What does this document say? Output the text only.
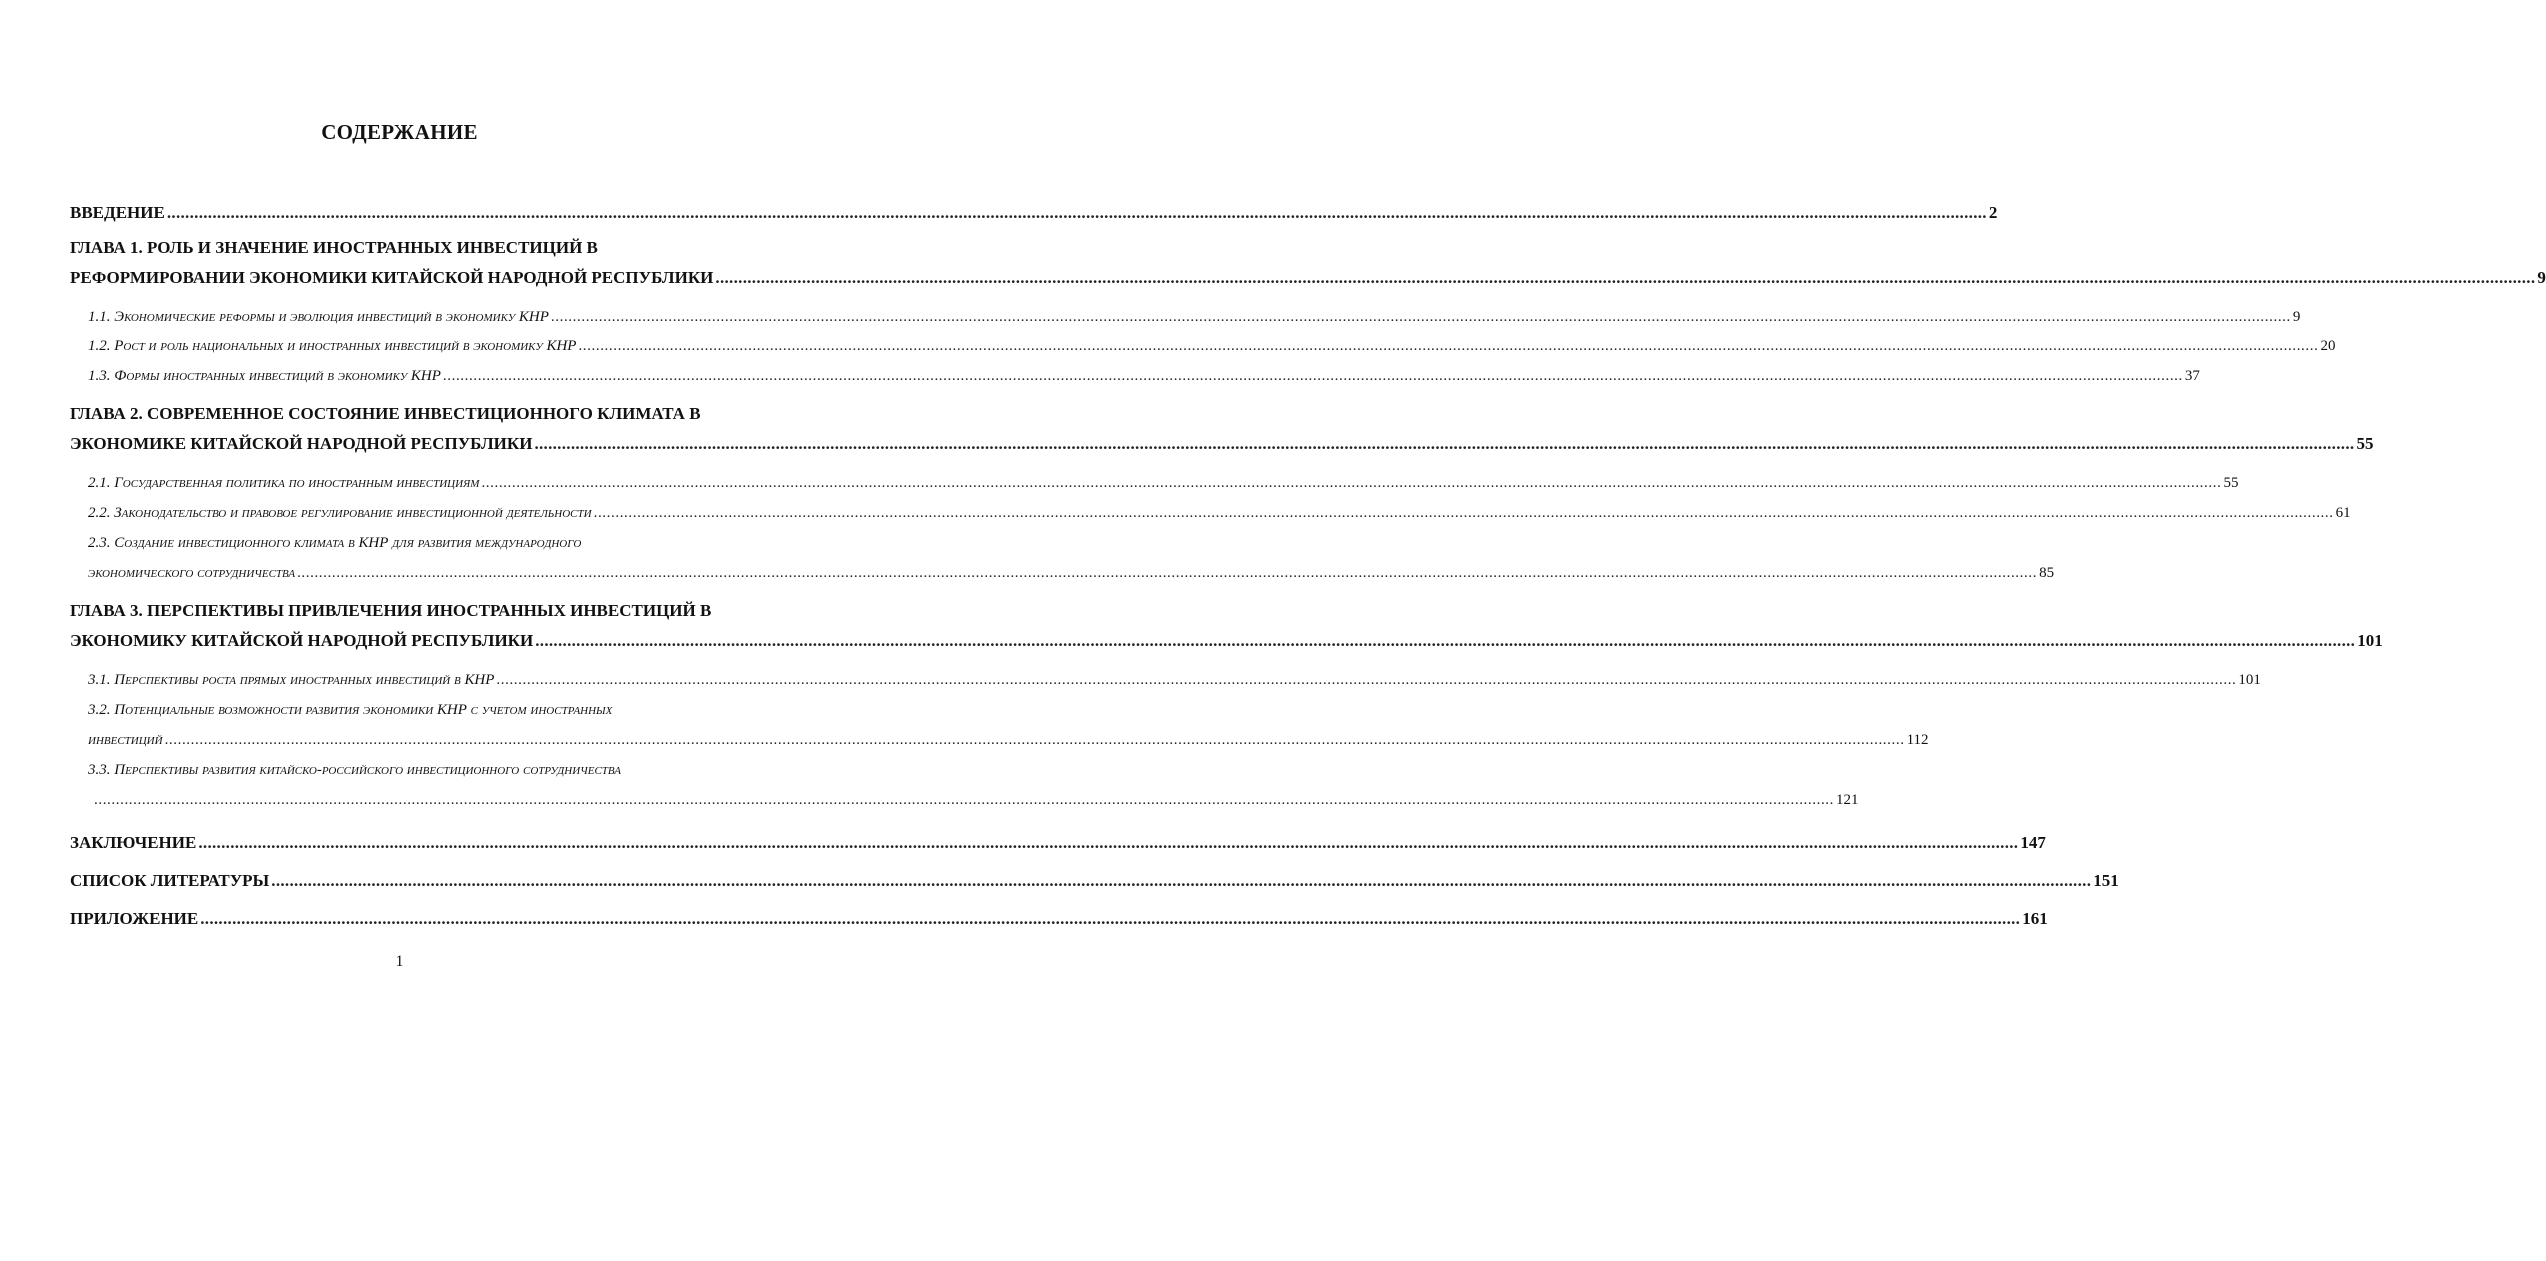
СОДЕРЖАНИЕ
ВВЕДЕНИЕ ................................................................................................................................................................................................................................................................................................................................................................................................................ 2
ГЛАВА 1. РОЛЬ И ЗНАЧЕНИЕ ИНОСТРАННЫХ ИНВЕСТИЦИЙ В
РЕФОРМИРОВАНИИ ЭКОНОМИКИ КИТАЙСКОЙ НАРОДНОЙ РЕСПУБЛИКИ ................................................................................................................................................................................................................................................................................................................................................................................................................ 9
1.1. Экономические реформы и эволюция инвестиций в экономику КНР ................................................................................................................................................................................................................................................................................................................................................................................................................ 9
1.2. Рост и роль национальных и иностранных инвестиций в экономику КНР ................................................................................................................................................................................................................................................................................................................................................................................................................ 20
1.3. Формы иностранных инвестиций в экономику КНР ................................................................................................................................................................................................................................................................................................................................................................................................................ 37
ГЛАВА 2. СОВРЕМЕННОЕ СОСТОЯНИЕ ИНВЕСТИЦИОННОГО КЛИМАТА В
ЭКОНОМИКЕ КИТАЙСКОЙ НАРОДНОЙ РЕСПУБЛИКИ ................................................................................................................................................................................................................................................................................................................................................................................................................ 55
2.1. Государственная политика по иностранным инвестициям ................................................................................................................................................................................................................................................................................................................................................................................................................ 55
2.2. Законодательство и правовое регулирование инвестиционной деятельности ................................................................................................................................................................................................................................................................................................................................................................................................................ 61
2.3. Создание инвестиционного климата в КНР для развития международного
экономического сотрудничества ................................................................................................................................................................................................................................................................................................................................................................................................................ 85
ГЛАВА 3. ПЕРСПЕКТИВЫ ПРИВЛЕЧЕНИЯ ИНОСТРАННЫХ ИНВЕСТИЦИЙ В
ЭКОНОМИКУ КИТАЙСКОЙ НАРОДНОЙ РЕСПУБЛИКИ ................................................................................................................................................................................................................................................................................................................................................................................................................ 101
3.1. Перспективы роста прямых иностранных инвестиций в КНР ................................................................................................................................................................................................................................................................................................................................................................................................................ 101
3.2. Потенциальные возможности развития экономики КНР с учетом иностранных
инвестиций ................................................................................................................................................................................................................................................................................................................................................................................................................ 112
3.3. Перспективы развития китайско-российского инвестиционного сотрудничества
................................................................................................................................................................................................................................................................................................................................................................................................................ 121
ЗАКЛЮЧЕНИЕ ................................................................................................................................................................................................................................................................................................................................................................................................................ 147
СПИСОК ЛИТЕРАТУРЫ ................................................................................................................................................................................................................................................................................................................................................................................................................ 151
ПРИЛОЖЕНИЕ ................................................................................................................................................................................................................................................................................................................................................................................................................ 161
1
